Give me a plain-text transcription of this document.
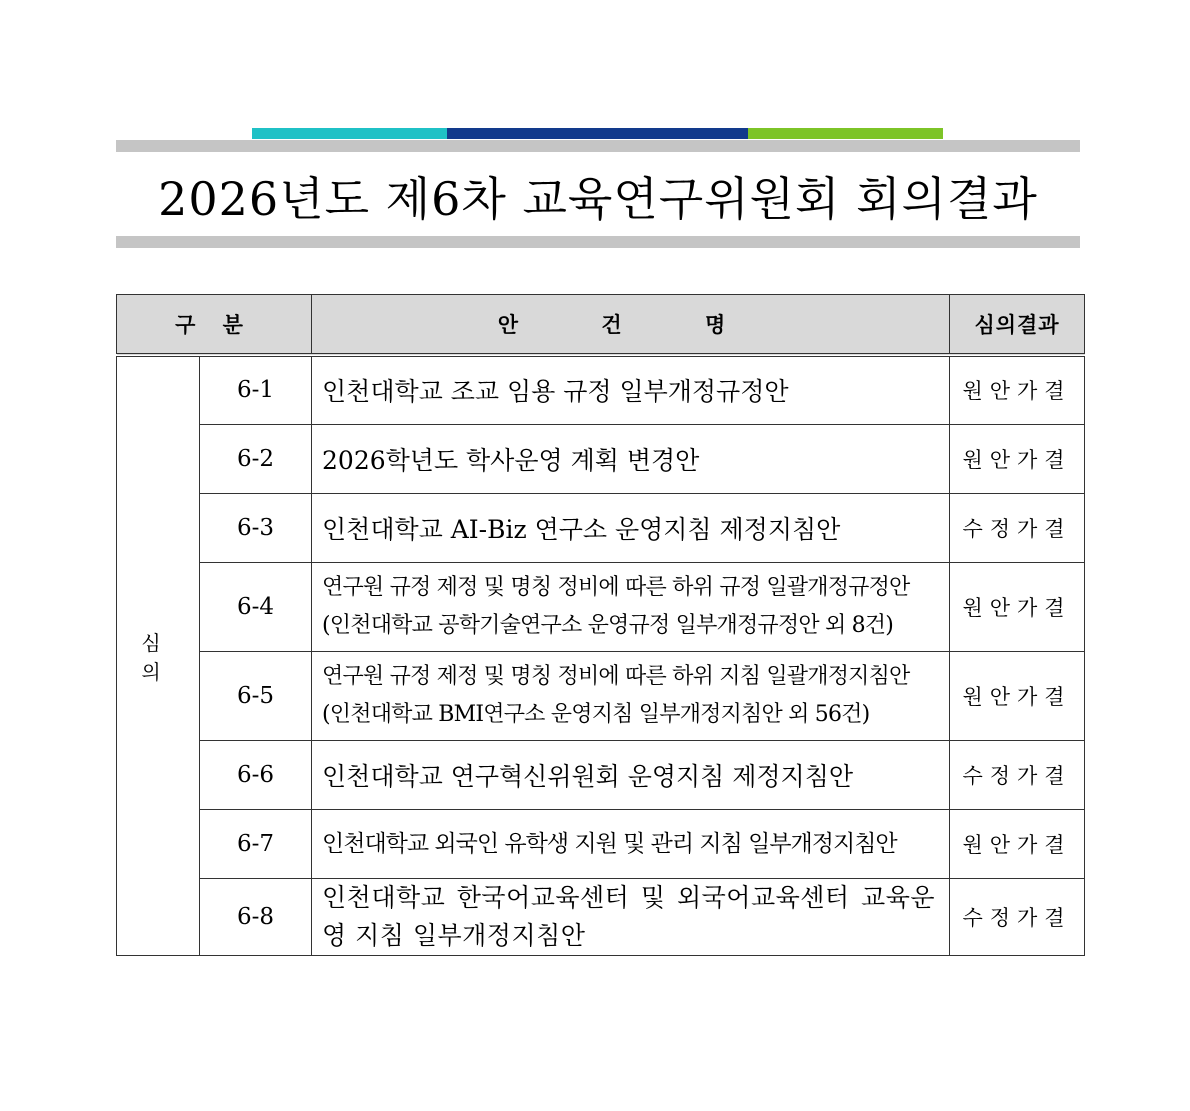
2026년도 제6차 교육연구위원회 회의결과
구 분		안 건 명	심의결과
심 의	6-1	인천대학교 조교 임용 규정 일부개정규정안	원안가결
	6-2	2026학년도 학사운영 계획 변경안	원안가결
	6-3	인천대학교 AI-Biz 연구소 운영지침 제정지침안	수정가결
	6-4	연구원 규정 제정 및 명칭 정비에 따른 하위 규정 일괄개정규정안
(인천대학교 공학기술연구소 운영규정 일부개정규정안 외 8건)	원안가결
	6-5	연구원 규정 제정 및 명칭 정비에 따른 하위 지침 일괄개정지침안
(인천대학교 BMI연구소 운영지침 일부개정지침안 외 56건)	원안가결
	6-6	인천대학교 연구혁신위원회 운영지침 제정지침안	수정가결
	6-7	인천대학교 외국인 유학생 지원 및 관리 지침 일부개정지침안	원안가결
	6-8	인천대학교 한국어교육센터 및 외국어교육센터 교육운영 지침 일부개정지침안	수정가결
